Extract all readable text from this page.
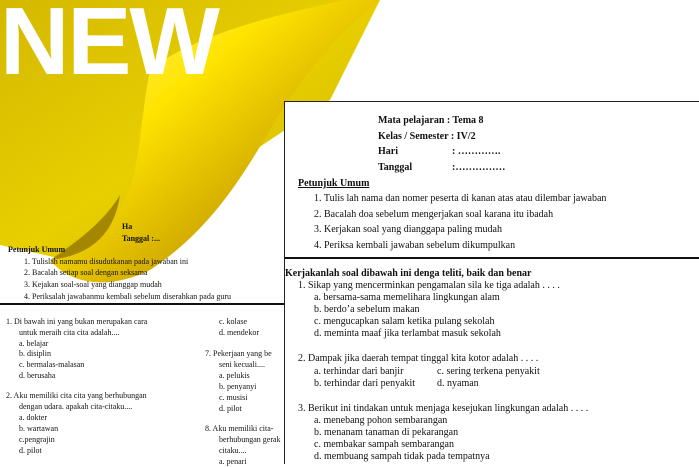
NEW
Ha
Tanggal :...
Petunjuk Umum
1. Tulislah namamu disudutkanan pada jawaban ini
2. Bacalah setiap soal dengan seksama
3. Kejakan soal-soal yang dianggap mudah
4. Periksalah jawabanmu kembali sebelum diserahkan pada guru
1. Di bawah ini yang bukan merupakan cara
untuk meraih cita cita adalah....
a. belajar
b. disiplin
c. bermalas-malasan
d. berusaha
2. Aku memiliki cita cita yang berhubungan
dengan udara. apakah cita-citaku....
a. dokter
b. wartawan
c.pengrajin
d. pilot
c. kolase
d. mendekor
7. Pekerjaan yang be
seni kecuali....
a. pelukis
b. penyanyi
c. musisi
d. pilot
8. Aku memiliki cita-
berhubungan gerak
citaku....
a. penari
Mata pelajaran : Tema 8
Kelas / Semester : IV/2
Hari	: ………….
Tanggal	:……………
Petunjuk Umum
1. Tulis lah nama dan nomer peserta di kanan atas atau dilembar jawaban
2. Bacalah doa sebelum mengerjakan soal karana itu ibadah
3. Kerjakan soal yang dianggapa paling mudah
4. Periksa kembali jawaban sebelum dikumpulkan
Kerjakanlah soal dibawah ini denga teliti, baik dan benar
1. Sikap yang mencerminkan pengamalan sila ke tiga adalah . . . .
a. bersama-sama memelihara lingkungan alam
b. berdo’a sebelum makan
c. mengucapkan salam ketika pulang sekolah
d. meminta maaf jika terlambat masuk sekolah
2. Dampak jika daerah tempat tinggal kita kotor adalah . . . .
a. terhindar dari banjir	c. sering terkena penyakit
b. terhindar dari penyakit d. nyaman
3. Berikut ini tindakan untuk menjaga kesejukan lingkungan adalah . . . .
a. menebang pohon sembarangan
b. menanam tanaman di pekarangan
c. membakar sampah sembarangan
d. membuang sampah tidak pada tempatnya
